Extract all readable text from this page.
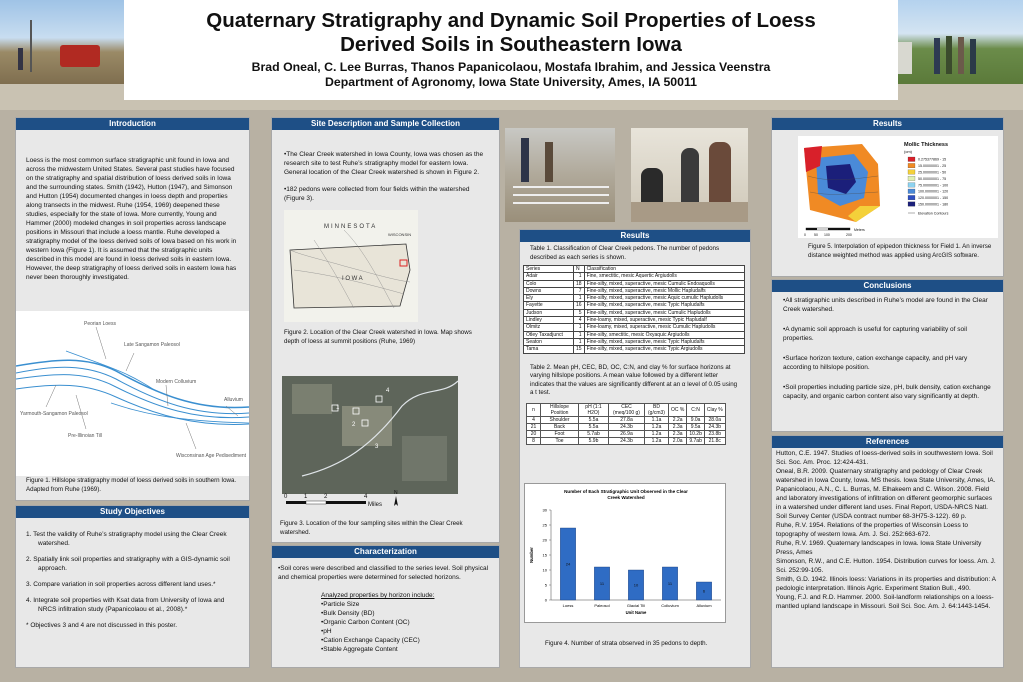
Quaternary Stratigraphy and Dynamic Soil Properties of Loess
Derived Soils in Southeastern Iowa
Brad Oneal, C. Lee Burras, Thanos Papanicolaou, Mostafa Ibrahim, and Jessica Veenstra
Department of Agronomy, Iowa State University, Ames, IA 50011
Introduction
Loess is the most common surface stratigraphic unit found in Iowa and across the midwestern United States. Several past studies have focused on the stratigraphy and spatial distribution of loess derived soils in Iowa and the surrounding states. Smith (1942), Hutton (1947), and Simonson and Hutton (1954) documented changes in loess depth and properties along transects in the midwest. Ruhe (1954, 1969) deepened these studies, especially for the state of Iowa. More currently, Young and Hammer (2000) modeled changes in soil properties across landscape positions in Missouri that include a loess mantle. Ruhe developed a stratigraphy model of the loess derived soils of Iowa based on his work in western Iowa (Figure 1). It is assumed that the stratigraphic units described in this model are found in loess derived soils in eastern Iowa. However, the deep stratigraphy of loess derived soils in eastern Iowa has never been thoroughly investigated.
Peorian Loess
Late Sangamon Paleosol
Modern Colluvium
Yarmouth-Sangamon Paleosol
Alluvium
Pre-Illinoian Till
Wisconsinan Age Pedisediment
Figure 1. Hillslope stratigraphy model of loess derived soils in southern Iowa. Adapted from Ruhe (1969).
Study Objectives
1. Test the validity of Ruhe’s stratigraphy model using the Clear Creek watershed.
2. Spatially link soil properties and stratigraphy with a GIS-dynamic soil approach.
3. Compare variation in soil properties across different land uses.*
4. Integrate soil properties with Ksat data from University of Iowa and NRCS infiltration study (Papanicolaou et al., 2008).*
* Objectives 3 and 4 are not discussed in this poster.
Site Description and Sample Collection
•The Clear Creek watershed in Iowa County, Iowa was chosen as the research site to test Ruhe’s stratigraphy model for eastern Iowa. General location of the Clear Creek watershed is shown in Figure 2.
•182 pedons were collected from four fields within the watershed (Figure 3).
MINNESOTA
I O W A
WISCONSIN
Figure 2. Location of the Clear Creek watershed in Iowa. Map shows depth of loess at summit positions (Ruhe, 1969)
1
2
3
4
N
0	1	2	4
Miles
Figure 3. Location of the four sampling sites within the Clear Creek watershed.
Characterization
•Soil cores were described and classified to the series level. Soil physical and chemical properties were determined for selected horizons.
Analyzed properties by horizon include:
•Particle Size
•Bulk Density (BD)
•Organic Carbon Content (OC)
•pH
•Cation Exchange Capacity (CEC)
•Stable Aggregate Content
Results
Table 1. Classification of Clear Creek pedons. The number of pedons described as each series is shown.
Series	N	Classification
Adair	1	Fine, smectitic, mesic Aquertic Argiudolls
Colo	18	Fine-silty, mixed, superactive, mesic Cumulic Endoaquolls
Downs	7	Fine-silty, mixed, superactive, mesic Mollic Hapludalfs
Ely	1	Fine-silty, mixed, superactive, mesic Aquic cumulic Hapludolls
Fayette	16	Fine-silty, mixed, superactive, mesic Typic Hapludalfs
Judson	5	Fine-silty, mixed, superactive, mesic Cumulic Hapludolls
Lindley	4	Fine-loamy, mixed, superactive, mesic Typic Hapludalf
Olmitz	1	Fine-loamy, mixed, superactive, mesic Cumulic Hapludolls
Otley Taxadjunct	1	Fine-silty, smectitic, mesic Oxyaquic Argiudolls
Seaton	1	Fine-silty, mixed, superactive, mesic Typic Hapludalfs
Tama	15	Fine-silty, mixed, superactive, mesic Typic Argiudolls
Table 2. Mean pH, CEC, BD, OC, C:N, and clay % for surface horizons at varying hillslope positions. A mean value followed by a different letter indicates that the values are significantly different at an α level of 0.05 using a t test.
n	Hillslope Position	pH (1:1 H2O)	CEC (meq/100 g)	BD (g/cm3)	OC %	C:N	Clay %
4	Shoulder	5.5a	27.8a	1.1a	2.2a	9.0a	28.0a
21	Back	5.5a	24.3b	1.2a	2.3a	9.5a	24.3b
20	Foot	5.7ab	26.9a	1.2a	2.3a	10.2b	23.8b
8	Toe	5.9b	24.3b	1.2a	2.0a	9.7ab	21.8c
Number of Each Stratigraphic Unit Observed in the Clear
Creek Watershed
0
5
10
15
20
25
30
24
Loess
11
Paleosol
10
Glacial Till
11
Colluvium
6
Alluvium
Unit Name
Number
Figure 4. Number of strata observed in 35 pedons to depth.
Results
Mollic Thickness
(cm)
0.275377869 - 15
15.00000001 - 25
25.00000001 - 50
50.00000001 - 75
75.00000001 - 100
100.0000001 - 120
120.0000001 - 150
150.0000001 - 180
Elevation Contours
0 50 100	200
Meters
Figure 5. Interpolation of epipedon thickness for Field 1. An inverse distance weighted method was applied using ArcGIS software.
Conclusions
•All stratigraphic units described in Ruhe’s model are found in the Clear Creek watershed.
•A dynamic soil approach is useful for capturing variability of soil properties.
•Surface horizon texture, cation exchange capacity, and pH vary according to hillslope position.
•Soil properties including particle size, pH, bulk density, cation exchange capacity, and organic carbon content also vary significantly at depth.
References
Hutton, C.E. 1947. Studies of loess-derived soils in southwestern Iowa. Soil Sci. Soc. Am. Proc. 12:424-431.
Oneal, B.R. 2009. Quaternary stratigraphy and pedology of Clear Creek watershed in Iowa County, Iowa. MS thesis. Iowa State University, Ames, IA.
Papanicolaou, A.N., C. L. Burras, M. Elhakeem and C. Wilson. 2008. Field and laboratory investigations of infiltration on different geomorphic surfaces in a watershed under different land uses. Final Report, USDA-NRCS Natl. Soil Survey Center (USDA contract number 68-3H75-3-122). 69 p.
Ruhe, R.V. 1954. Relations of the properties of Wisconsin Loess to topography of western Iowa. Am. J. Sci. 252:663-672.
Ruhe, R.V. 1969. Quaternary landscapes in Iowa. Iowa State University Press, Ames
Simonson, R.W., and C.E. Hutton. 1954. Distribution curves for loess. Am. J. Sci. 252:99-105.
Smith, G.D. 1942. Illinois loess: Variations in its properties and distribution: A pedologic interpretation. Illinois Agric. Experiment Station Bull., 490.
Young, F.J. and R.D. Hammer. 2000. Soil-landform relationships on a loess-mantled upland landscape in Missouri. Soil Sci. Soc. Am. J. 64:1443-1454.
